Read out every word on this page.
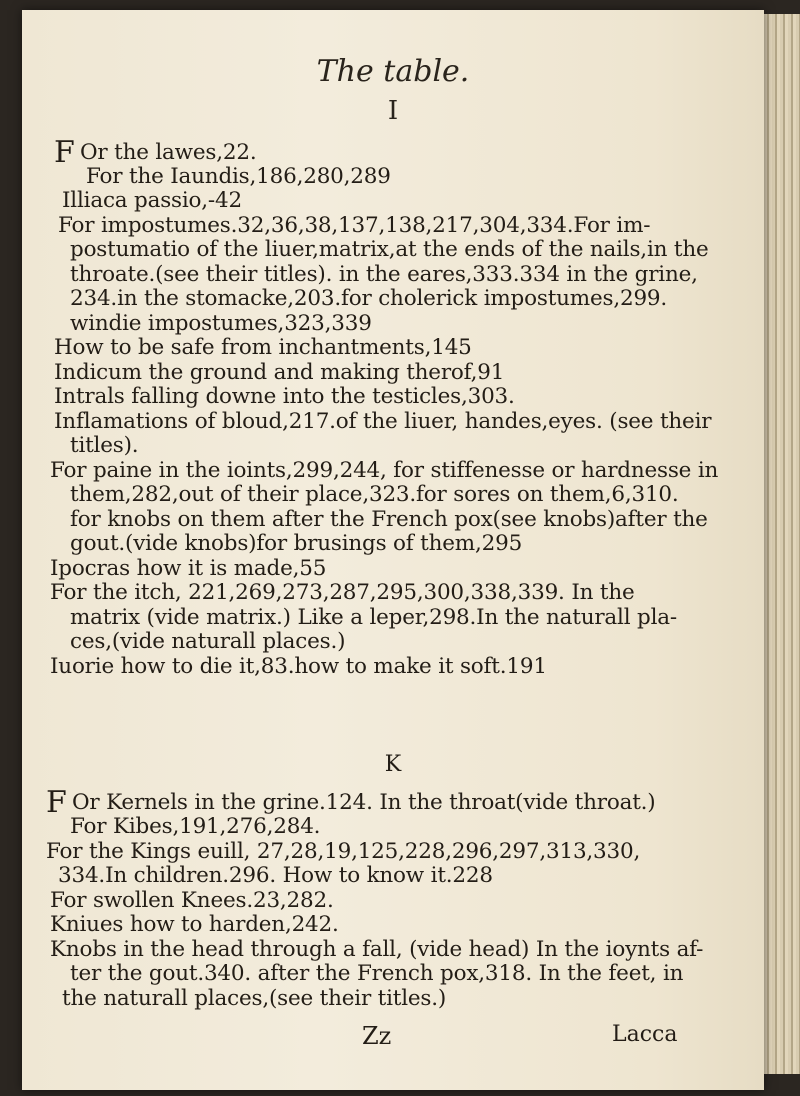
The table.
I
F Or the lawes,22.
For the Iaundis,186,280,289
Illiaca passio,-42
For impostumes.32,36,38,137,138,217,304,334.For im-
postumatio of the liuer,matrix,at the ends of the nails,in the
throate.(see their titles). in the eares,333.334 in the grine,
234.in the stomacke,203.for cholerick impostumes,299.
windie impostumes,323,339
How to be safe from inchantments,145
Indicum the ground and making therof,91
Intrals falling downe into the testicles,303.
Inflamations of bloud,217.of the liuer, handes,eyes. (see their
titles).
For paine in the ioints,299,244, for stiffenesse or hardnesse in
them,282,out of their place,323.for sores on them,6,310.
for knobs on them after the French pox(see knobs)after the
gout.(vide knobs)for brusings of them,295
Ipocras how it is made,55
For the itch, 221,269,273,287,295,300,338,339. In the
matrix (vide matrix.) Like a leper,298.In the naturall pla-
ces,(vide naturall places.)
Iuorie how to die it,83.how to make it soft.191
K
F Or Kernels in the grine.124. In the throat(vide throat.)
For Kibes,191,276,284.
For the Kings euill, 27,28,19,125,228,296,297,313,330,
334.In children.296. How to know it.228
For swollen Knees.23,282.
Kniues how to harden,242.
Knobs in the head through a fall, (vide head) In the ioynts af-
ter the gout.340. after the French pox,318. In the feet, in
the naturall places,(see their titles.)
Zz	Lacca
